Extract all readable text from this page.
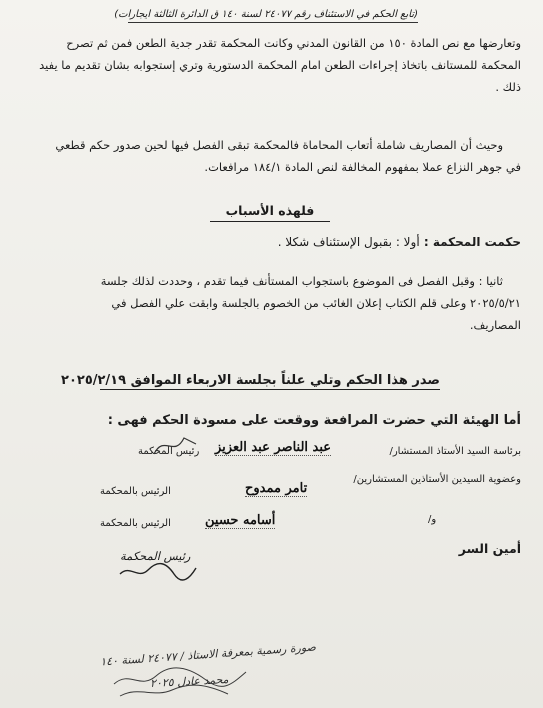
(تابع الحكم في الاستئناف رقم ٢٤٠٧٧ لسنة ١٤٠ ق الدائرة الثالثة ايجارات)
وتعارضها مع نص المادة ١٥٠ من القانون المدني وكانت المحكمة تقدر جدية الطعن فمن ثم تصرح
المحكمة للمستانف باتخاذ إجراءات الطعن امام المحكمة الدستورية وتري إستجوابه بشان تقديم ما يفيد
ذلك .
وحيث أن المصاريف شاملة أتعاب المحاماة فالمحكمة تبقى الفصل فيها لحين صدور حكم قطعي
في جوهر النزاع عملا بمفهوم المخالفة لنص المادة ١٨٤/١ مرافعات.
فلهذه الأسباب
حكمت المحكمة : أولا : بقبول الإستئناف شكلا .
ثانيا : وقبل الفصل فى الموضوع باستجواب المستأنف فيما تقدم ، وحددت لذلك جلسة
٢٠٢٥/٥/٢١ وعلى قلم الكتاب إعلان الغائب من الخصوم بالجلسة وابقت علي الفصل في
المصاريف.
صدر هذا الحكم وتلي علناً بجلسة الاربعاء الموافق ٢٠٢٥/٢/١٩
أما الهيئة التي حضرت المرافعة ووقعت على مسودة الحكم فهى :
برئاسة السيد الأستاذ المستشار/
عبد الناصر عبد العزيز
رئيس المحكمة
وعضوية السيدين الأستاذين المستشارين/
تامر ممدوح
الرئيس بالمحكمة
و/
أسامه حسين
الرئيس بالمحكمة
أمين السر
رئيس المحكمة
صورة رسمية بمعرفة الاستاذ / ٢٤٠٧٧ لسنة ١٤٠
محمد عادل ٢٠٢٥
